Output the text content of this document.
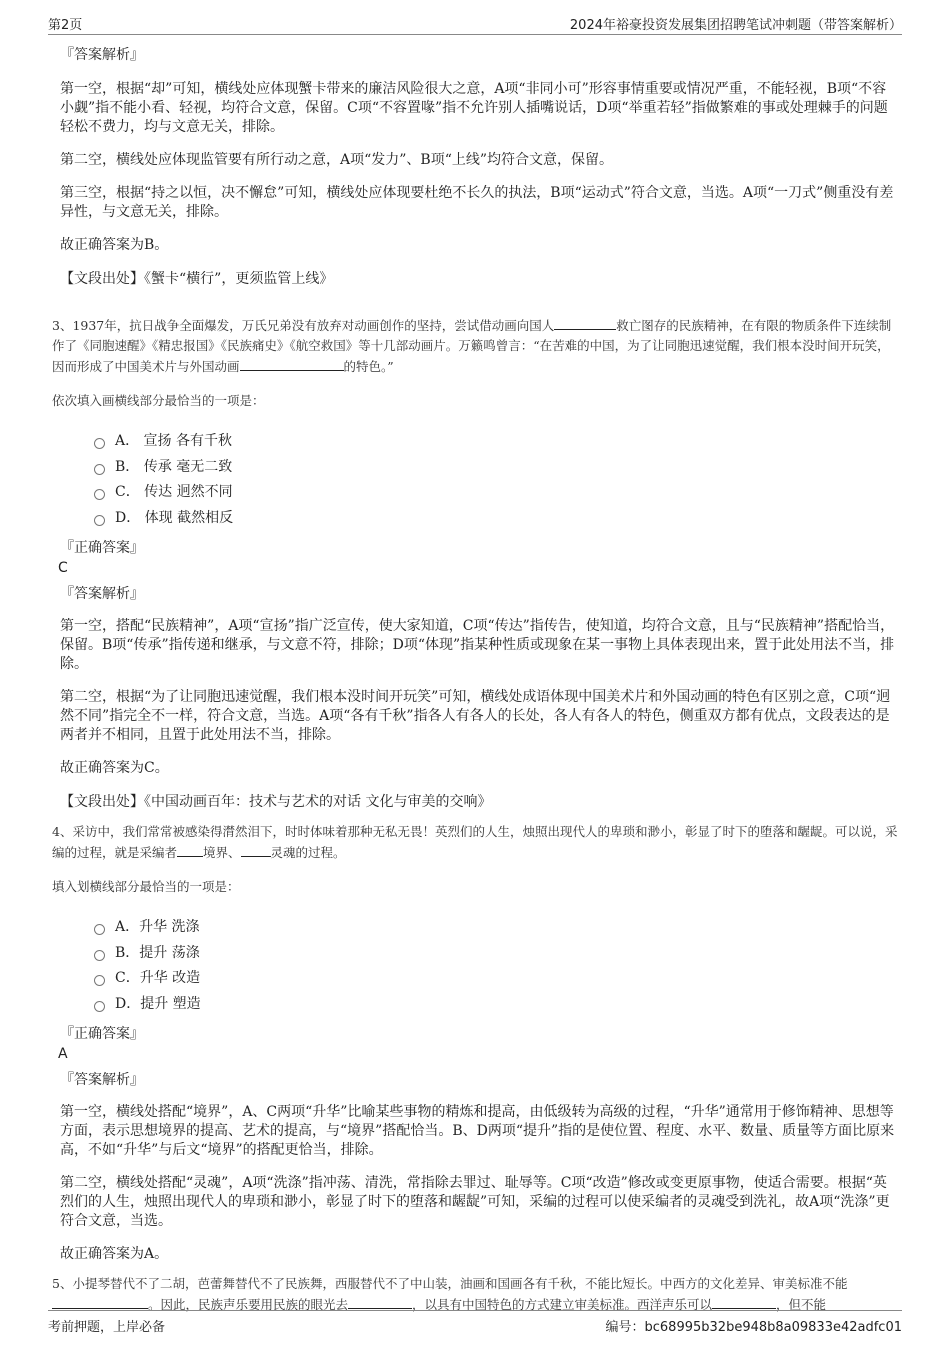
第2页	2024年裕豪投资发展集团招聘笔试冲刺题（带答案解析）
『答案解析』
第一空，根据“却”可知，横线处应体现蟹卡带来的廉洁风险很大之意，A项“非同小可”形容事情重要或情况严重，不能轻视，B项“不容小觑”指不能小看、轻视，均符合文意，保留。C项“不容置喙”指不允许别人插嘴说话，D项“举重若轻”指做繁难的事或处理棘手的问题轻松不费力，均与文意无关，排除。
第二空，横线处应体现监管要有所行动之意，A项“发力”、B项“上线”均符合文意，保留。
第三空，根据“持之以恒，决不懈怠”可知，横线处应体现要杜绝不长久的执法，B项“运动式”符合文意，当选。A项“一刀式”侧重没有差异性，与文意无关，排除。
故正确答案为B。
【文段出处】《蟹卡“横行”，更须监管上线》
3、1937年，抗日战争全面爆发，万氏兄弟没有放弃对动画创作的坚持，尝试借动画向国人	救亡图存的民族精神，在有限的物质条件下连续制作了《同胞速醒》《精忠报国》《民族痛史》《航空救国》等十几部动画片。万籁鸣曾言：“在苦难的中国，为了让同胞迅速觉醒，我们根本没时间开玩笑，因而形成了中国美术片与外国动画	的特色。”
依次填入画横线部分最恰当的一项是：
A． 宣扬 各有千秋
B． 传承 毫无二致
C． 传达 迥然不同
D． 体现 截然相反
『正确答案』
C
『答案解析』
第一空，搭配“民族精神”，A项“宣扬”指广泛宣传，使大家知道，C项“传达”指传告，使知道，均符合文意，且与“民族精神”搭配恰当，保留。B项“传承”指传递和继承，与文意不符，排除；D项“体现”指某种性质或现象在某一事物上具体表现出来，置于此处用法不当，排除。
第二空，根据“为了让同胞迅速觉醒，我们根本没时间开玩笑”可知，横线处成语体现中国美术片和外国动画的特色有区别之意，C项“迥然不同”指完全不一样，符合文意，当选。A项“各有千秋”指各人有各人的长处，各人有各人的特色，侧重双方都有优点，文段表达的是两者并不相同，且置于此处用法不当，排除。
故正确答案为C。
【文段出处】《中国动画百年：技术与艺术的对话 文化与审美的交响》
4、采访中，我们常常被感染得潸然泪下，时时体味着那种无私无畏！英烈们的人生，烛照出现代人的卑琐和渺小，彰显了时下的堕落和龌龊。可以说，采编的过程，就是采编者 境界、 灵魂的过程。
填入划横线部分最恰当的一项是：
A．升华 洗涤
B．提升 荡涤
C．升华 改造
D．提升 塑造
『正确答案』
A
『答案解析』
第一空，横线处搭配“境界”，A、C两项“升华”比喻某些事物的精炼和提高，由低级转为高级的过程，“升华”通常用于修饰精神、思想等方面，表示思想境界的提高、艺术的提高，与“境界”搭配恰当。B、D两项“提升”指的是使位置、程度、水平、数量、质量等方面比原来高，不如“升华”与后文“境界”的搭配更恰当，排除。
第二空，横线处搭配“灵魂”，A项“洗涤”指冲荡、清洗，常指除去罪过、耻辱等。C项“改造”修改或变更原事物，使适合需要。根据“英烈们的人生，烛照出现代人的卑琐和渺小，彰显了时下的堕落和龌龊”可知，采编的过程可以使采编者的灵魂受到洗礼，故A项“洗涤”更符合文意，当选。
故正确答案为A。
5、小提琴替代不了二胡，芭蕾舞替代不了民族舞，西服替代不了中山装，油画和国画各有千秋，不能比短长。中西方的文化差异、审美标准不能。因此，民族声乐要用民族的眼光去	，以具有中国特色的方式建立审美标准。西洋声乐可以	，但不能
考前押题，上岸必备	编号：bc68995b32be948b8a09833e42adfc01
